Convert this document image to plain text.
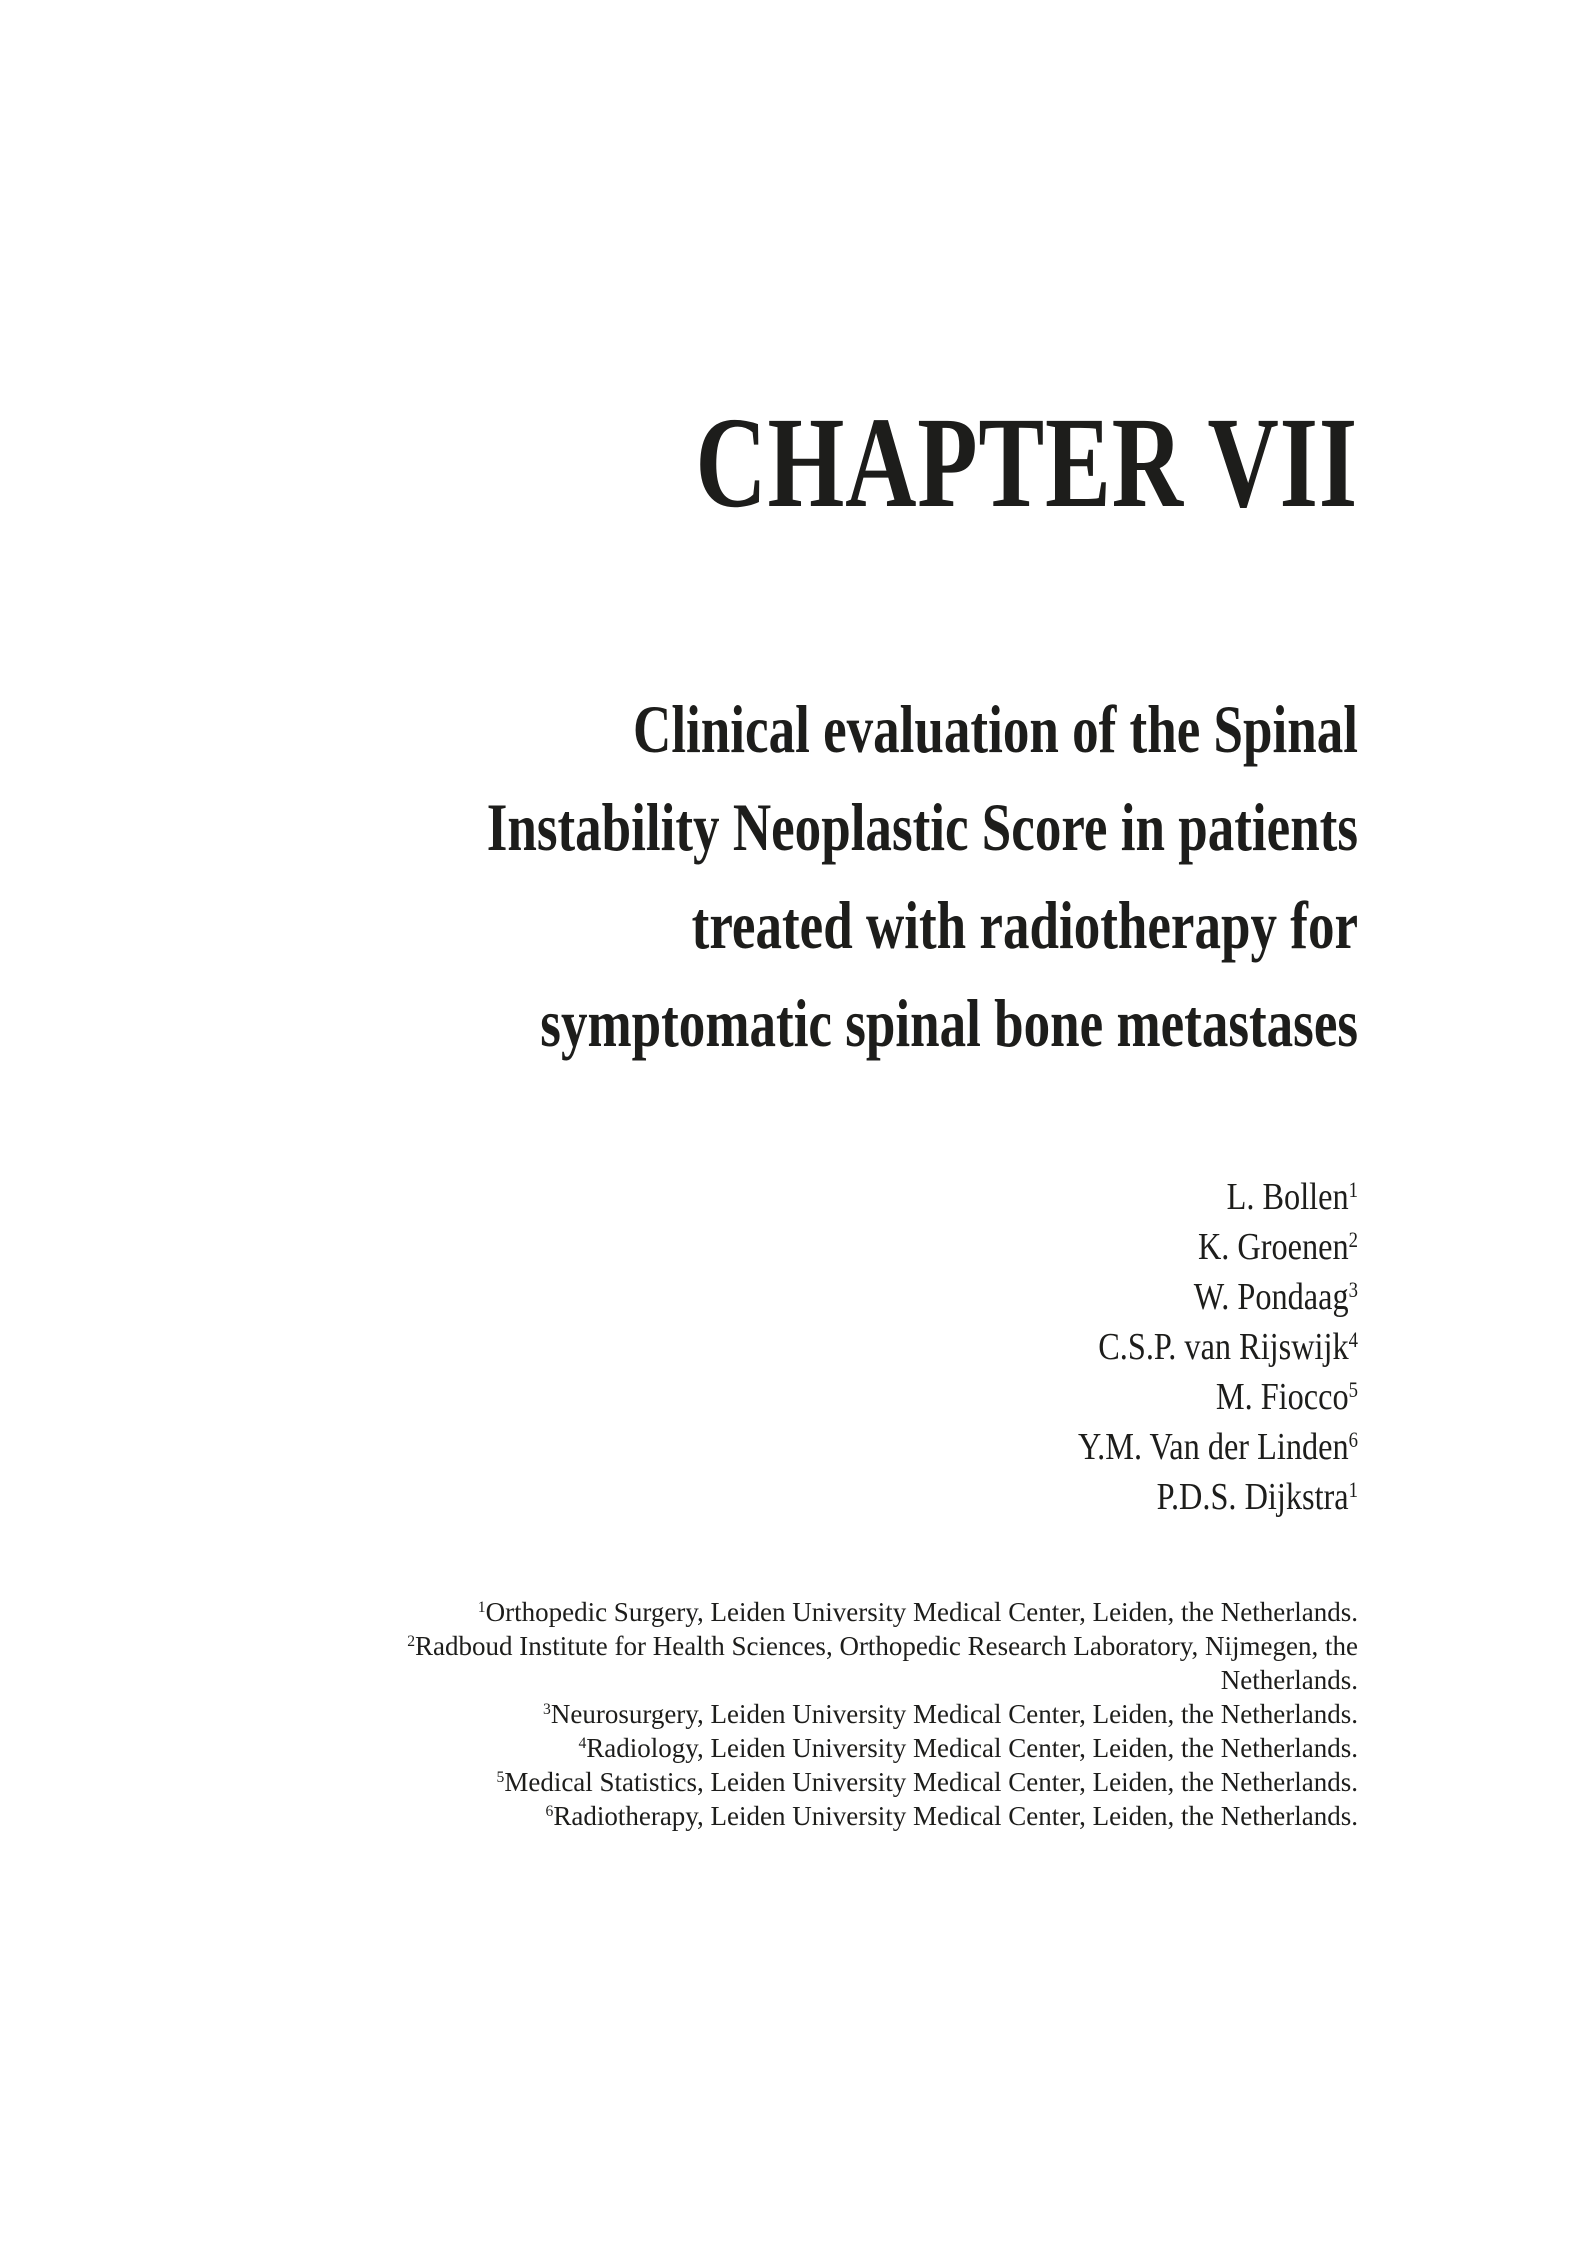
CHAPTER VII
Clinical evaluation of the Spinal
Instability Neoplastic Score in patients
treated with radiotherapy for
symptomatic spinal bone metastases
L. Bollen$^1$
K. Groenen$^2$
W. Pondaag$^3$
C.S.P. van Rijswijk$^4$
M. Fiocco$^5$
Y.M. Van der Linden$^6$
P.D.S. Dijkstra$^1$
$^1$Orthopedic Surgery, Leiden University Medical Center, Leiden, the Netherlands.
$^2$Radboud Institute for Health Sciences, Orthopedic Research Laboratory, Nijmegen, the
Netherlands.
$^3$Neurosurgery, Leiden University Medical Center, Leiden, the Netherlands.
$^4$Radiology, Leiden University Medical Center, Leiden, the Netherlands.
$^5$Medical Statistics, Leiden University Medical Center, Leiden, the Netherlands.
$^6$Radiotherapy, Leiden University Medical Center, Leiden, the Netherlands.
